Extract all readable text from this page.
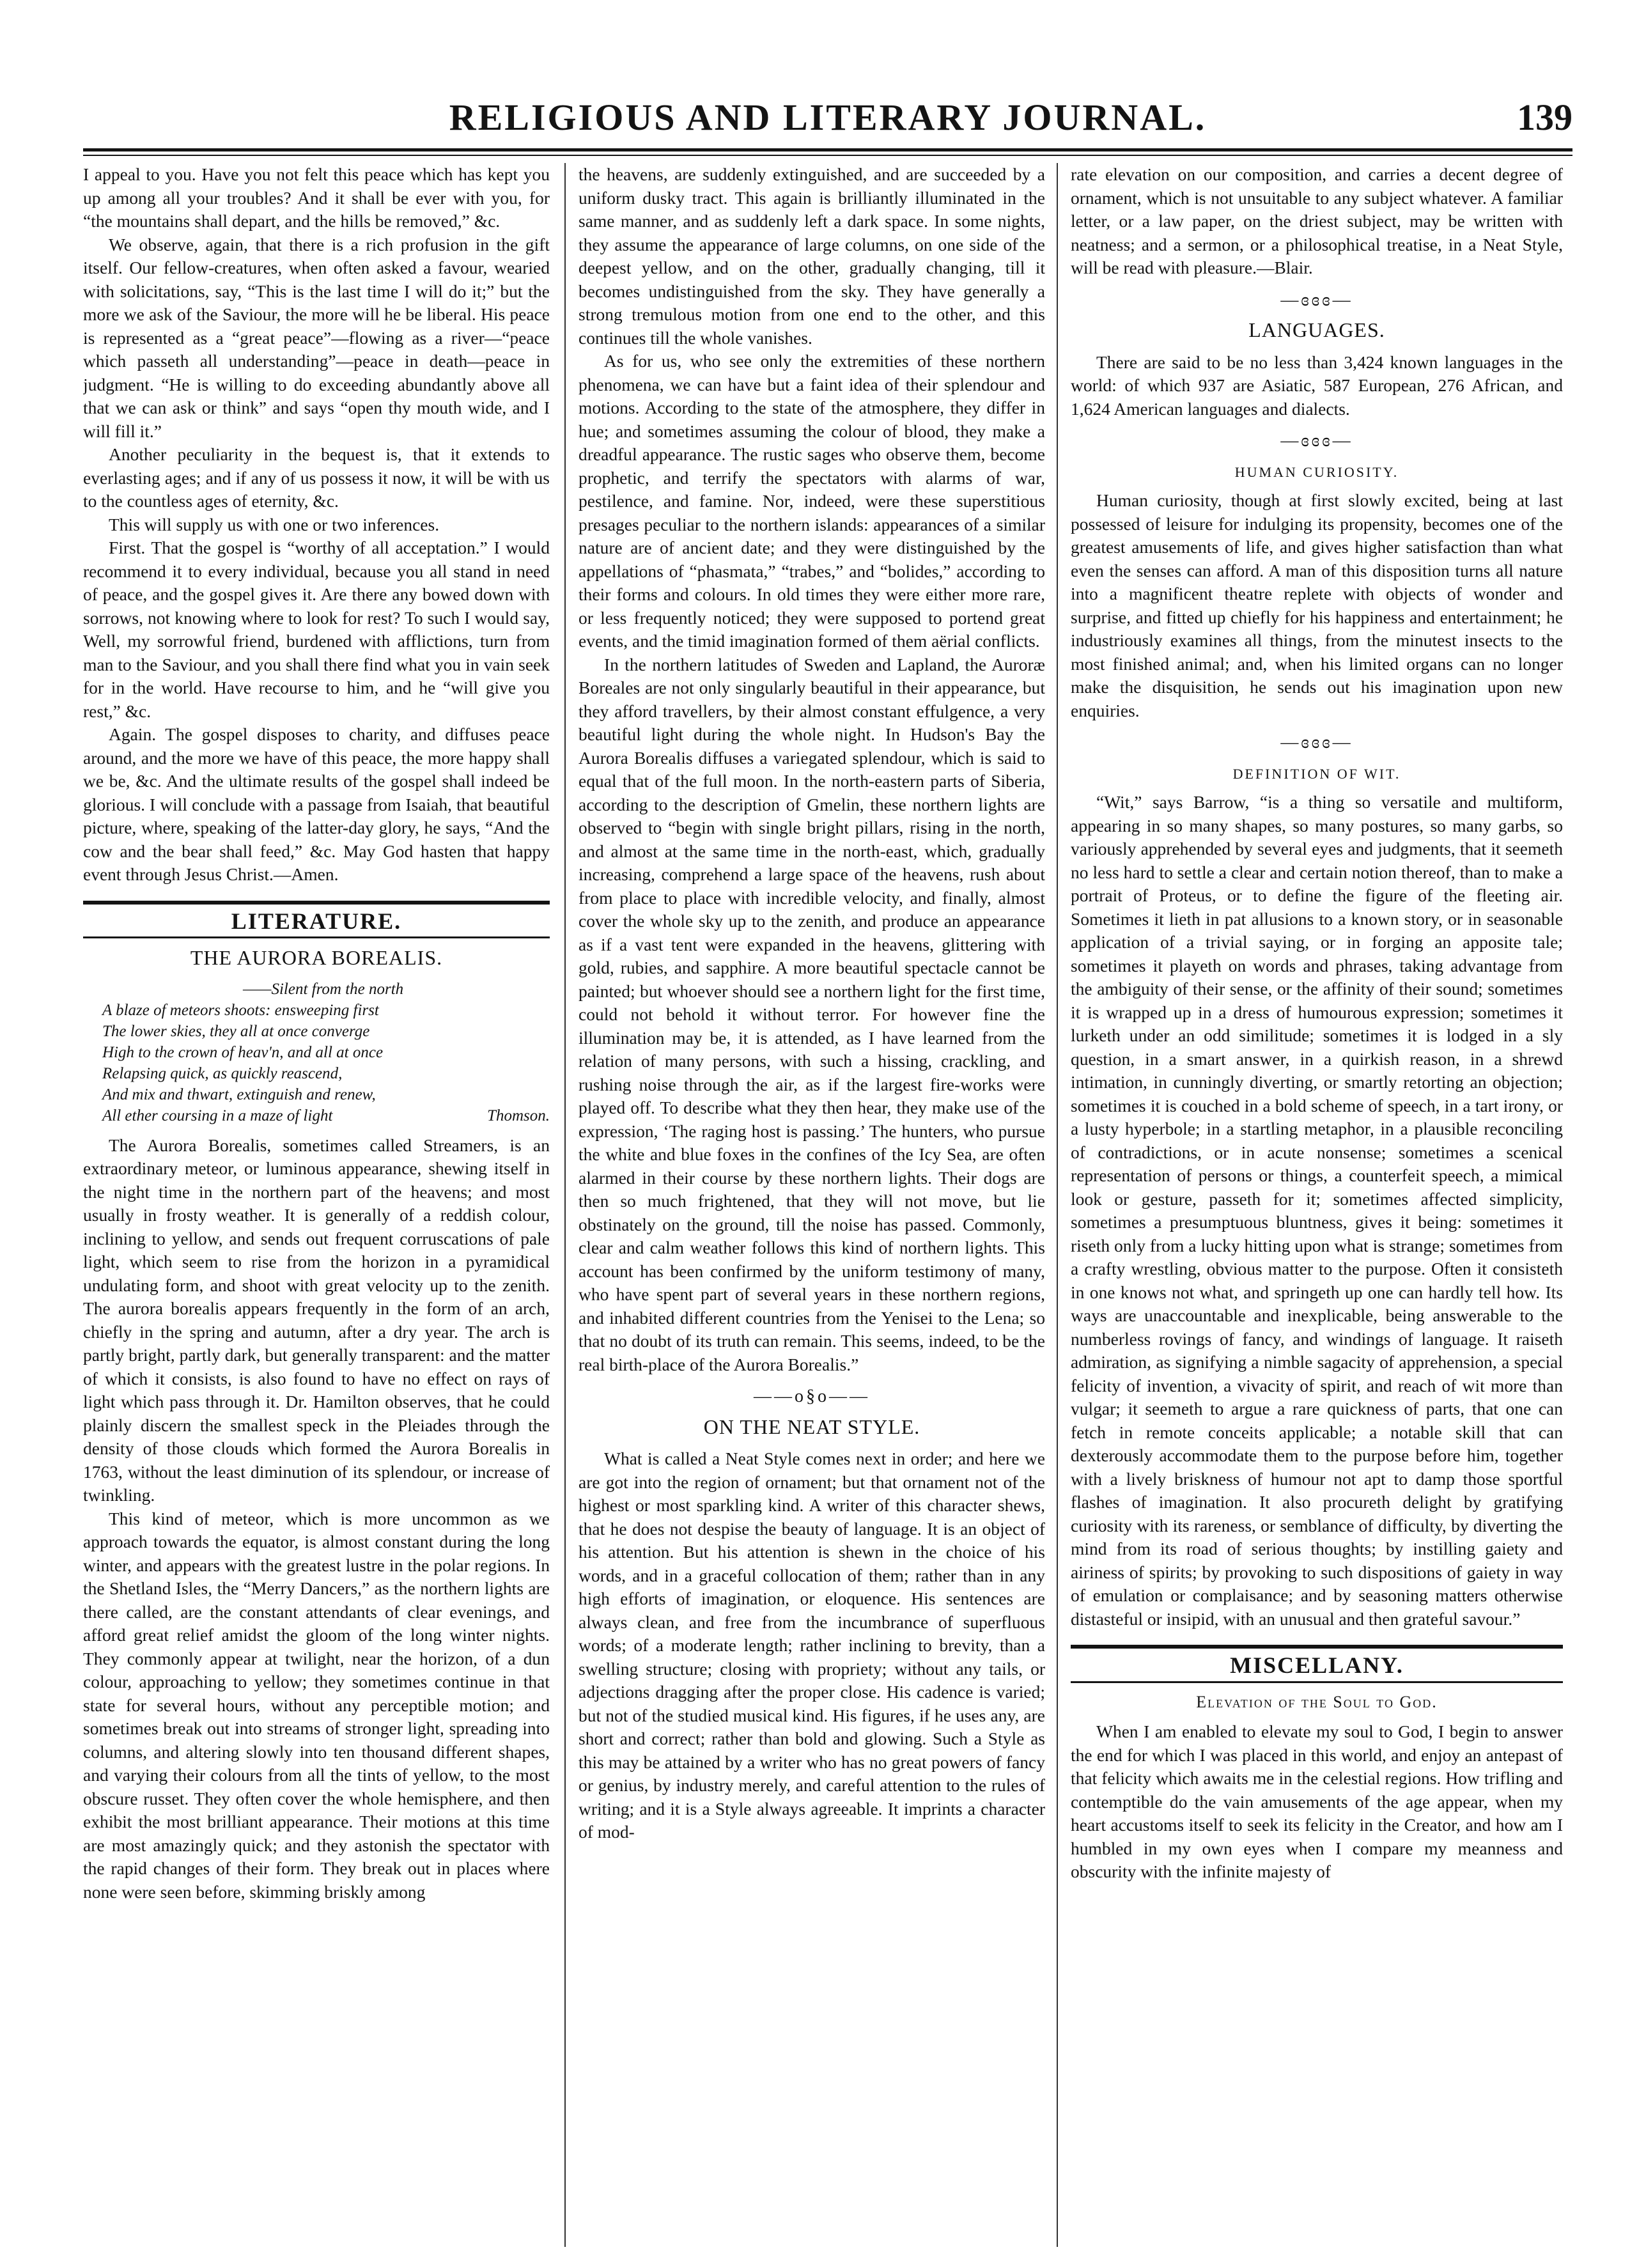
RELIGIOUS AND LITERARY JOURNAL.	139

I appeal to you. Have you not felt this peace which has kept you up among all your troubles? And it shall be ever with you, for “the mountains shall depart, and the hills be removed,” &c.

We observe, again, that there is a rich profusion in the gift itself. Our fellow-creatures, when often asked a favour, wearied with solicitations, say, “This is the last time I will do it;” but the more we ask of the Saviour, the more will he be liberal. His peace is represented as a “great peace”—flowing as a river—“peace which passeth all understanding”—peace in death—peace in judgment. “He is willing to do exceeding abundantly above all that we can ask or think” and says “open thy mouth wide, and I will fill it.”

Another peculiarity in the bequest is, that it extends to everlasting ages; and if any of us possess it now, it will be with us to the countless ages of eternity, &c.

This will supply us with one or two inferences.

First. That the gospel is “worthy of all acceptation.” I would recommend it to every individual, because you all stand in need of peace, and the gospel gives it. Are there any bowed down with sorrows, not knowing where to look for rest? To such I would say, Well, my sorrowful friend, burdened with afflictions, turn from man to the Saviour, and you shall there find what you in vain seek for in the world. Have recourse to him, and he “will give you rest,” &c.

Again. The gospel disposes to charity, and diffuses peace around, and the more we have of this peace, the more happy shall we be, &c. And the ultimate results of the gospel shall indeed be glorious. I will conclude with a passage from Isaiah, that beautiful picture, where, speaking of the latter-day glory, he says, “And the cow and the bear shall feed,” &c. May God hasten that happy event through Jesus Christ.—Amen.

LITERATURE.
THE AURORA BOREALIS.
——Silent from the north
A blaze of meteors shoots: ensweeping first
The lower skies, they all at once converge
High to the crown of heav'n, and all at once
Relapsing quick, as quickly reascend,
And mix and thwart, extinguish and renew,
All ether coursing in a maze of light	Thomson.

The Aurora Borealis, sometimes called Streamers, is an extraordinary meteor, or luminous appearance, shewing itself in the night time in the northern part of the heavens; and most usually in frosty weather. It is generally of a reddish colour, inclining to yellow, and sends out frequent corruscations of pale light, which seem to rise from the horizon in a pyramidical undulating form, and shoot with great velocity up to the zenith. The aurora borealis appears frequently in the form of an arch, chiefly in the spring and autumn, after a dry year. The arch is partly bright, partly dark, but generally transparent: and the matter of which it consists, is also found to have no effect on rays of light which pass through it. Dr. Hamilton observes, that he could plainly discern the smallest speck in the Pleiades through the density of those clouds which formed the Aurora Borealis in 1763, without the least diminution of its splendour, or increase of twinkling.

This kind of meteor, which is more uncommon as we approach towards the equator, is almost constant during the long winter, and appears with the greatest lustre in the polar regions. In the Shetland Isles, the “Merry Dancers,” as the northern lights are there called, are the constant attendants of clear evenings, and afford great relief amidst the gloom of the long winter nights. They commonly appear at twilight, near the horizon, of a dun colour, approaching to yellow; they sometimes continue in that state for several hours, without any perceptible motion; and sometimes break out into streams of stronger light, spreading into columns, and altering slowly into ten thousand different shapes, and varying their colours from all the tints of yellow, to the most obscure russet. They often cover the whole hemisphere, and then exhibit the most brilliant appearance. Their motions at this time are most amazingly quick; and they astonish the spectator with the rapid changes of their form. They break out in places where none were seen before, skimming briskly among

the heavens, are suddenly extinguished, and are succeeded by a uniform dusky tract. This again is brilliantly illuminated in the same manner, and as suddenly left a dark space. In some nights, they assume the appearance of large columns, on one side of the deepest yellow, and on the other, gradually changing, till it becomes undistinguished from the sky. They have generally a strong tremulous motion from one end to the other, and this continues till the whole vanishes.

As for us, who see only the extremities of these northern phenomena, we can have but a faint idea of their splendour and motions. According to the state of the atmosphere, they differ in hue; and sometimes assuming the colour of blood, they make a dreadful appearance. The rustic sages who observe them, become prophetic, and terrify the spectators with alarms of war, pestilence, and famine. Nor, indeed, were these superstitious presages peculiar to the northern islands: appearances of a similar nature are of ancient date; and they were distinguished by the appellations of “phasmata,” “trabes,” and “bolides,” according to their forms and colours. In old times they were either more rare, or less frequently noticed; they were supposed to portend great events, and the timid imagination formed of them aërial conflicts.

In the northern latitudes of Sweden and Lapland, the Auroræ Boreales are not only singularly beautiful in their appearance, but they afford travellers, by their almost constant effulgence, a very beautiful light during the whole night. In Hudson's Bay the Aurora Borealis diffuses a variegated splendour, which is said to equal that of the full moon. In the north-eastern parts of Siberia, according to the description of Gmelin, these northern lights are observed to “begin with single bright pillars, rising in the north, and almost at the same time in the north-east, which, gradually increasing, comprehend a large space of the heavens, rush about from place to place with incredible velocity, and finally, almost cover the whole sky up to the zenith, and produce an appearance as if a vast tent were expanded in the heavens, glittering with gold, rubies, and sapphire. A more beautiful spectacle cannot be painted; but whoever should see a northern light for the first time, could not behold it without terror. For however fine the illumination may be, it is attended, as I have learned from the relation of many persons, with such a hissing, crackling, and rushing noise through the air, as if the largest fire-works were played off. To describe what they then hear, they make use of the expression, ‘The raging host is passing.’ The hunters, who pursue the white and blue foxes in the confines of the Icy Sea, are often alarmed in their course by these northern lights. Their dogs are then so much frightened, that they will not move, but lie obstinately on the ground, till the noise has passed. Commonly, clear and calm weather follows this kind of northern lights. This account has been confirmed by the uniform testimony of many, who have spent part of several years in these northern regions, and inhabited different countries from the Yenisei to the Lena; so that no doubt of its truth can remain. This seems, indeed, to be the real birth-place of the Aurora Borealis.”

——o§o——
ON THE NEAT STYLE.

What is called a Neat Style comes next in order; and here we are got into the region of ornament; but that ornament not of the highest or most sparkling kind. A writer of this character shews, that he does not despise the beauty of language. It is an object of his attention. But his attention is shewn in the choice of his words, and in a graceful collocation of them; rather than in any high efforts of imagination, or eloquence. His sentences are always clean, and free from the incumbrance of superfluous words; of a moderate length; rather inclining to brevity, than a swelling structure; closing with propriety; without any tails, or adjections dragging after the proper close. His cadence is varied; but not of the studied musical kind. His figures, if he uses any, are short and correct; rather than bold and glowing. Such a Style as this may be attained by a writer who has no great powers of fancy or genius, by industry merely, and careful attention to the rules of writing; and it is a Style always agreeable. It imprints a character of mod-

rate elevation on our composition, and carries a decent degree of ornament, which is not unsuitable to any subject whatever. A familiar letter, or a law paper, on the driest subject, may be written with neatness; and a sermon, or a philosophical treatise, in a Neat Style, will be read with pleasure.—Blair.

—ɞɞɞ—
LANGUAGES.

There are said to be no less than 3,424 known languages in the world: of which 937 are Asiatic, 587 European, 276 African, and 1,624 American languages and dialects.

—ɞɞɞ—
HUMAN CURIOSITY.

Human curiosity, though at first slowly excited, being at last possessed of leisure for indulging its propensity, becomes one of the greatest amusements of life, and gives higher satisfaction than what even the senses can afford. A man of this disposition turns all nature into a magnificent theatre replete with objects of wonder and surprise, and fitted up chiefly for his happiness and entertainment; he industriously examines all things, from the minutest insects to the most finished animal; and, when his limited organs can no longer make the disquisition, he sends out his imagination upon new enquiries.

—ɞɞɞ—
DEFINITION OF WIT.

“Wit,” says Barrow, “is a thing so versatile and multiform, appearing in so many shapes, so many postures, so many garbs, so variously apprehended by several eyes and judgments, that it seemeth no less hard to settle a clear and certain notion thereof, than to make a portrait of Proteus, or to define the figure of the fleeting air. Sometimes it lieth in pat allusions to a known story, or in seasonable application of a trivial saying, or in forging an apposite tale; sometimes it playeth on words and phrases, taking advantage from the ambiguity of their sense, or the affinity of their sound; sometimes it is wrapped up in a dress of humourous expression; sometimes it lurketh under an odd similitude; sometimes it is lodged in a sly question, in a smart answer, in a quirkish reason, in a shrewd intimation, in cunningly diverting, or smartly retorting an objection; sometimes it is couched in a bold scheme of speech, in a tart irony, or a lusty hyperbole; in a startling metaphor, in a plausible reconciling of contradictions, or in acute nonsense; sometimes a scenical representation of persons or things, a counterfeit speech, a mimical look or gesture, passeth for it; sometimes affected simplicity, sometimes a presumptuous bluntness, gives it being: sometimes it riseth only from a lucky hitting upon what is strange; sometimes from a crafty wrestling, obvious matter to the purpose. Often it consisteth in one knows not what, and springeth up one can hardly tell how. Its ways are unaccountable and inexplicable, being answerable to the numberless rovings of fancy, and windings of language. It raiseth admiration, as signifying a nimble sagacity of apprehension, a special felicity of invention, a vivacity of spirit, and reach of wit more than vulgar; it seemeth to argue a rare quickness of parts, that one can fetch in remote conceits applicable; a notable skill that can dexterously accommodate them to the purpose before him, together with a lively briskness of humour not apt to damp those sportful flashes of imagination. It also procureth delight by gratifying curiosity with its rareness, or semblance of difficulty, by diverting the mind from its road of serious thoughts; by instilling gaiety and airiness of spirits; by provoking to such dispositions of gaiety in way of emulation or complaisance; and by seasoning matters otherwise distasteful or insipid, with an unusual and then grateful savour.”

MISCELLANY.
Elevation of the Soul to God.

When I am enabled to elevate my soul to God, I begin to answer the end for which I was placed in this world, and enjoy an antepast of that felicity which awaits me in the celestial regions. How trifling and contemptible do the vain amusements of the age appear, when my heart accustoms itself to seek its felicity in the Creator, and how am I humbled in my own eyes when I compare my meanness and obscurity with the infinite majesty of
